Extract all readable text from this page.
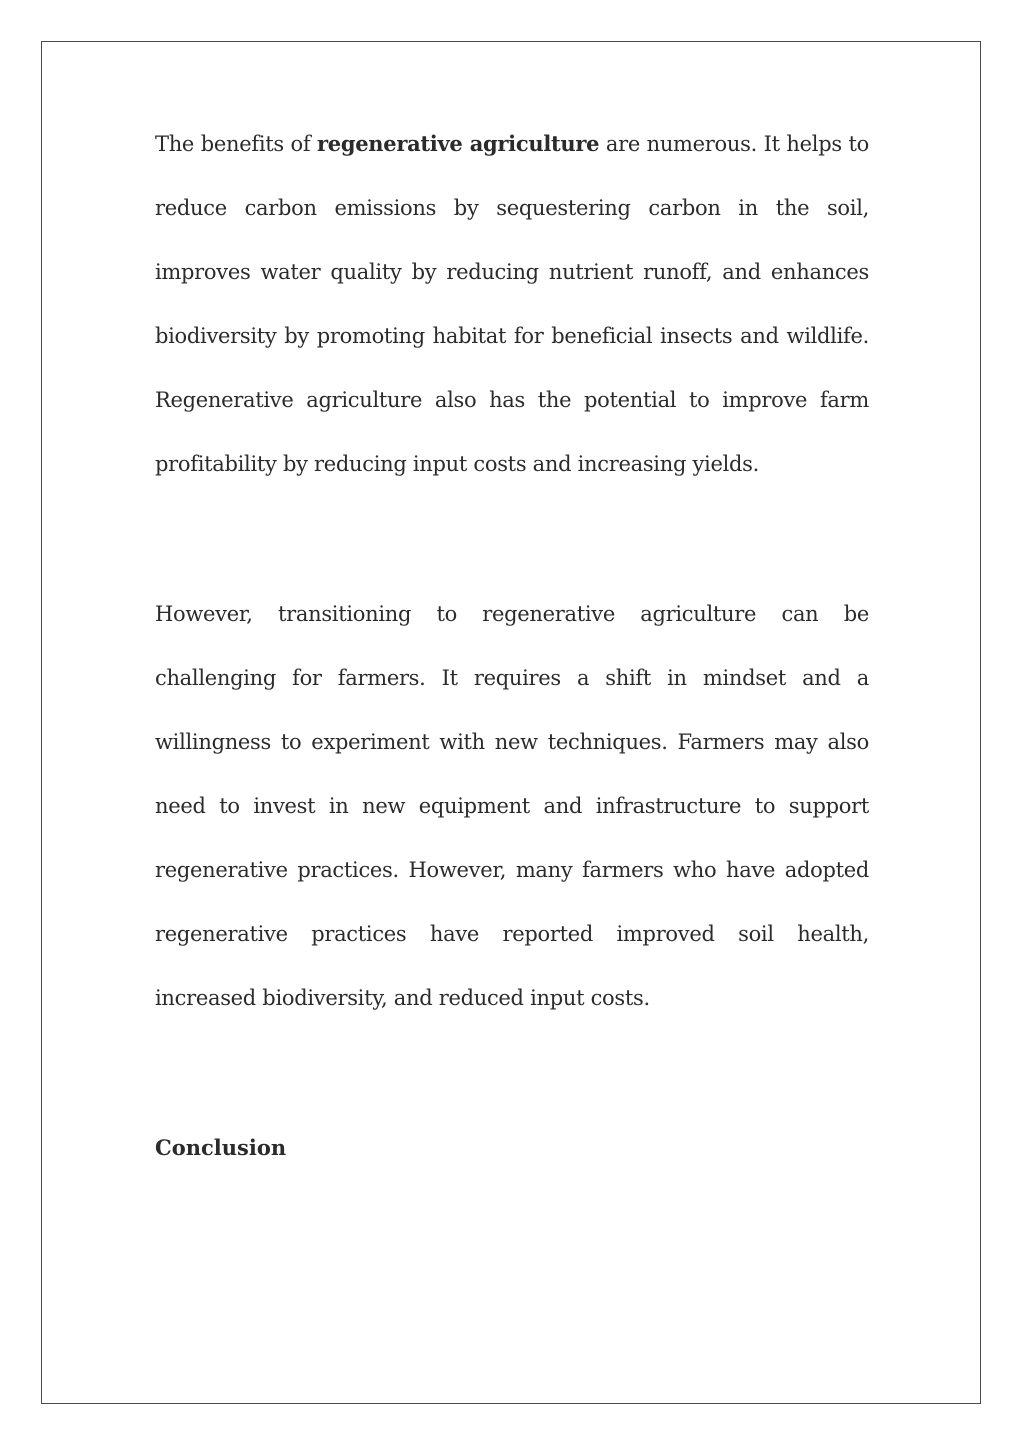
The benefits of regenerative agriculture are numerous. It helps to reduce carbon emissions by sequestering carbon in the soil, improves water quality by reducing nutrient runoff, and enhances biodiversity by promoting habitat for beneficial insects and wildlife. Regenerative agriculture also has the potential to improve farm profitability by reducing input costs and increasing yields.

However, transitioning to regenerative agriculture can be challenging for farmers. It requires a shift in mindset and a willingness to experiment with new techniques. Farmers may also need to invest in new equipment and infrastructure to support regenerative practices. However, many farmers who have adopted regenerative practices have reported improved soil health, increased biodiversity, and reduced input costs.

Conclusion
